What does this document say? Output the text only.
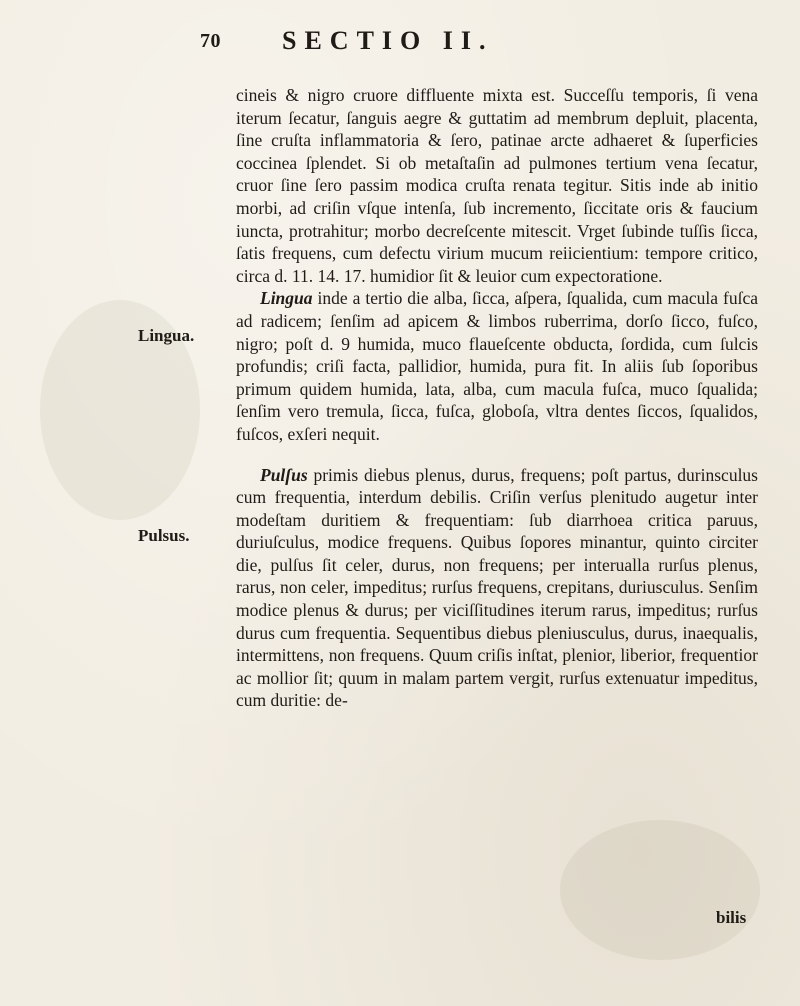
70 SECTIO II.
Lingua.
Pulsus.

cineis & nigro cruore diffluente mixta est. Succeſſu temporis, ſi vena iterum ſecatur, ſanguis aegre & guttatim ad membrum depluit, placenta, ſine cruſta inflammatoria & ſero, patinae arcte adhaeret & ſuperficies coccinea ſplendet. Si ob metaſtaſin ad pulmones tertium vena ſecatur, cruor ſine ſero passim modica cruſta renata tegitur. Sitis inde ab initio morbi, ad criſin vſque intenſa, ſub incremento, ſiccitate oris & faucium iuncta, protrahitur; morbo decreſcente mitescit. Vrget ſubinde tuſſis ſicca, ſatis frequens, cum defectu virium mucum reiicientium: tempore critico, circa d. 11. 14. 17. humidior ſit & leuior cum expectoratione.

Lingua inde a tertio die alba, ſicca, aſpera, ſqualida, cum macula fuſca ad radicem; ſenſim ad apicem & limbos ruberrima, dorſo ſicco, fuſco, nigro; poſt d. 9 humida, muco flaueſcente obducta, ſordida, cum ſulcis profundis; criſi facta, pallidior, humida, pura fit. In aliis ſub ſoporibus primum quidem humida, lata, alba, cum macula fuſca, muco ſqualida; ſenſim vero tremula, ſicca, fuſca, globoſa, vltra dentes ſiccos, ſqualidos, fuſcos, exſeri nequit.

Pulſus primis diebus plenus, durus, frequens; poſt partus, durinsculus cum frequentia, interdum debilis. Criſin verſus plenitudo augetur inter modeſtam duritiem & frequentiam: ſub diarrhoea critica paruus, duriuſculus, modice frequens. Quibus ſopores minantur, quinto circiter die, pulſus ſit celer, durus, non frequens; per interualla rurſus plenus, rarus, non celer, impeditus; rurſus frequens, crepitans, duriusculus. Senſim modice plenus & durus; per viciſſitudines iterum rarus, impeditus; rurſus durus cum frequentia. Sequentibus diebus pleniusculus, durus, inaequalis, intermittens, non frequens. Quum criſis inſtat, plenior, liberior, frequentior ac mollior ſit; quum in malam partem vergit, rurſus extenuatur impeditus, cum duritie: de-

bilis
